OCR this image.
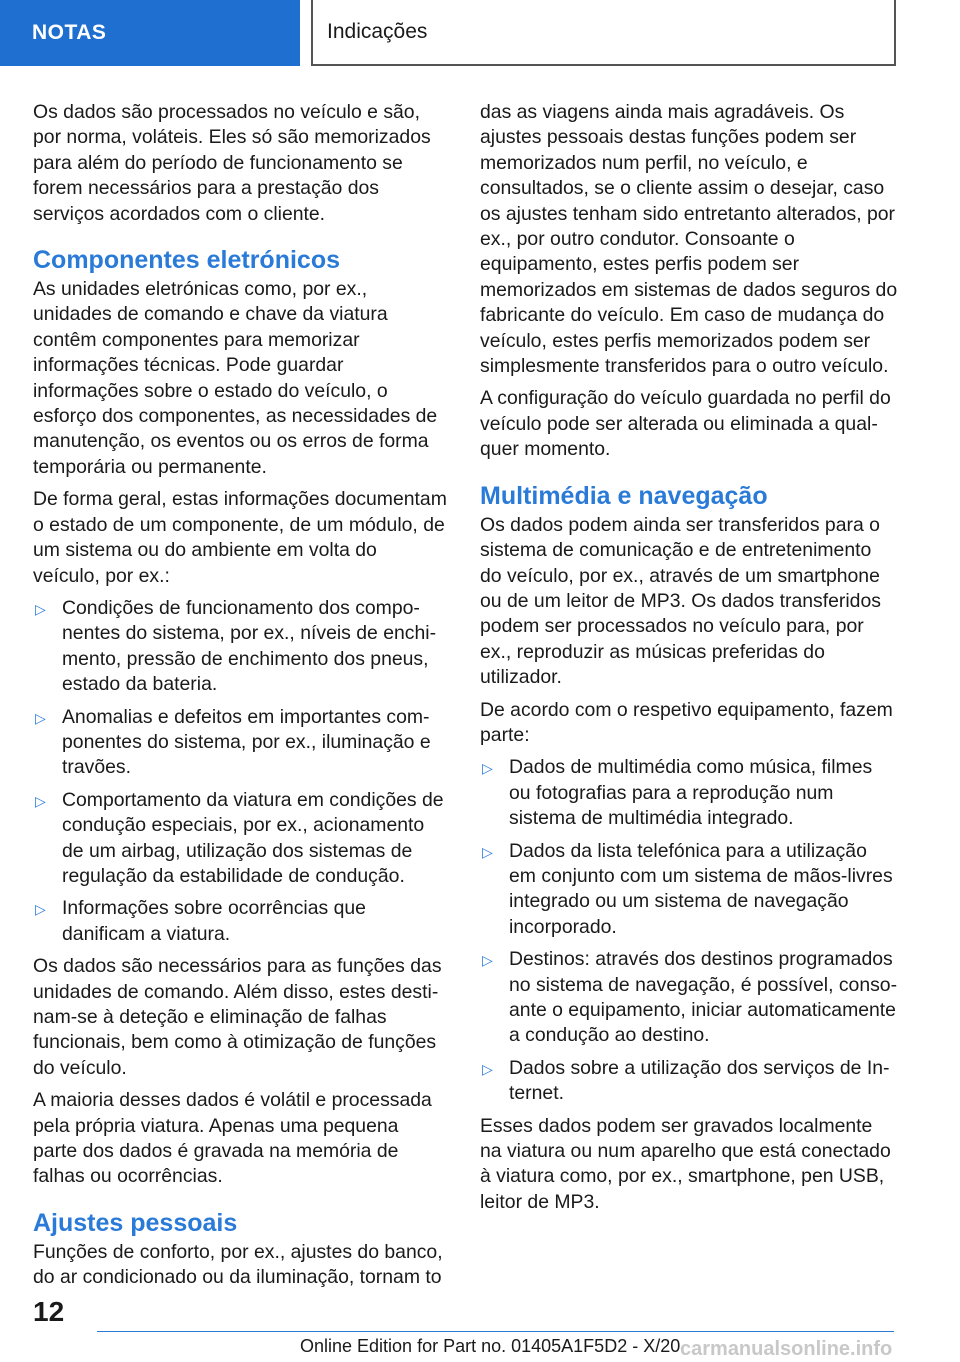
NOTAS	Indicações

Os dados são processados no veículo e são, por norma, voláteis. Eles só são memorizados para além do período de funcionamento se forem necessários para a prestação dos serviços acordados com o cliente.

Componentes eletrónicos

As unidades eletrónicas como, por ex., unidades de comando e chave da viatura contêm componentes para memorizar informações técnicas. Pode guardar informações sobre o estado do veículo, o esforço dos componentes, as necessidades de manutenção, os eventos ou os erros de forma temporária ou permanente.

De forma geral, estas informações documentam o estado de um componente, de um módulo, de um sistema ou do ambiente em volta do veículo, por ex.:

▷ Condições de funcionamento dos componentes do sistema, por ex., níveis de enchimento, pressão de enchimento dos pneus, estado da bateria.
▷ Anomalias e defeitos em importantes componentes do sistema, por ex., iluminação e travões.
▷ Comportamento da viatura em condições de condução especiais, por ex., acionamento de um airbag, utilização dos sistemas de regulação da estabilidade de condução.
▷ Informações sobre ocorrências que danificam a viatura.

Os dados são necessários para as funções das unidades de comando. Além disso, estes destinam-se à deteção e eliminação de falhas funcionais, bem como à otimização de funções do veículo.

A maioria desses dados é volátil e processada pela própria viatura. Apenas uma pequena parte dos dados é gravada na memória de falhas ou ocorrências.

Ajustes pessoais

Funções de conforto, por ex., ajustes do banco, do ar condicionado ou da iluminação, tornam to

das as viagens ainda mais agradáveis. Os ajustes pessoais destas funções podem ser memorizados num perfil, no veículo, e consultados, se o cliente assim o desejar, caso os ajustes tenham sido entretanto alterados, por ex., por outro condutor. Consoante o equipamento, estes perfis podem ser memorizados em sistemas de dados seguros do fabricante do veículo. Em caso de mudança do veículo, estes perfis memorizados podem ser simplesmente transferidos para o outro veículo.

A configuração do veículo guardada no perfil do veículo pode ser alterada ou eliminada a qualquer momento.

Multimédia e navegação

Os dados podem ainda ser transferidos para o sistema de comunicação e de entretenimento do veículo, por ex., através de um smartphone ou de um leitor de MP3. Os dados transferidos podem ser processados no veículo para, por ex., reproduzir as músicas preferidas do utilizador.

De acordo com o respetivo equipamento, fazem parte:

▷ Dados de multimédia como música, filmes ou fotografias para a reprodução num sistema de multimédia integrado.
▷ Dados da lista telefónica para a utilização em conjunto com um sistema de mãos-livres integrado ou um sistema de navegação incorporado.
▷ Destinos: através dos destinos programados no sistema de navegação, é possível, consoante o equipamento, iniciar automaticamente a condução ao destino.
▷ Dados sobre a utilização dos serviços de Internet.

Esses dados podem ser gravados localmente na viatura ou num aparelho que está conectado à viatura como, por ex., smartphone, pen USB, leitor de MP3.

12
Online Edition for Part no. 01405A1F5D2 - X/20 carmanualsonline.info
